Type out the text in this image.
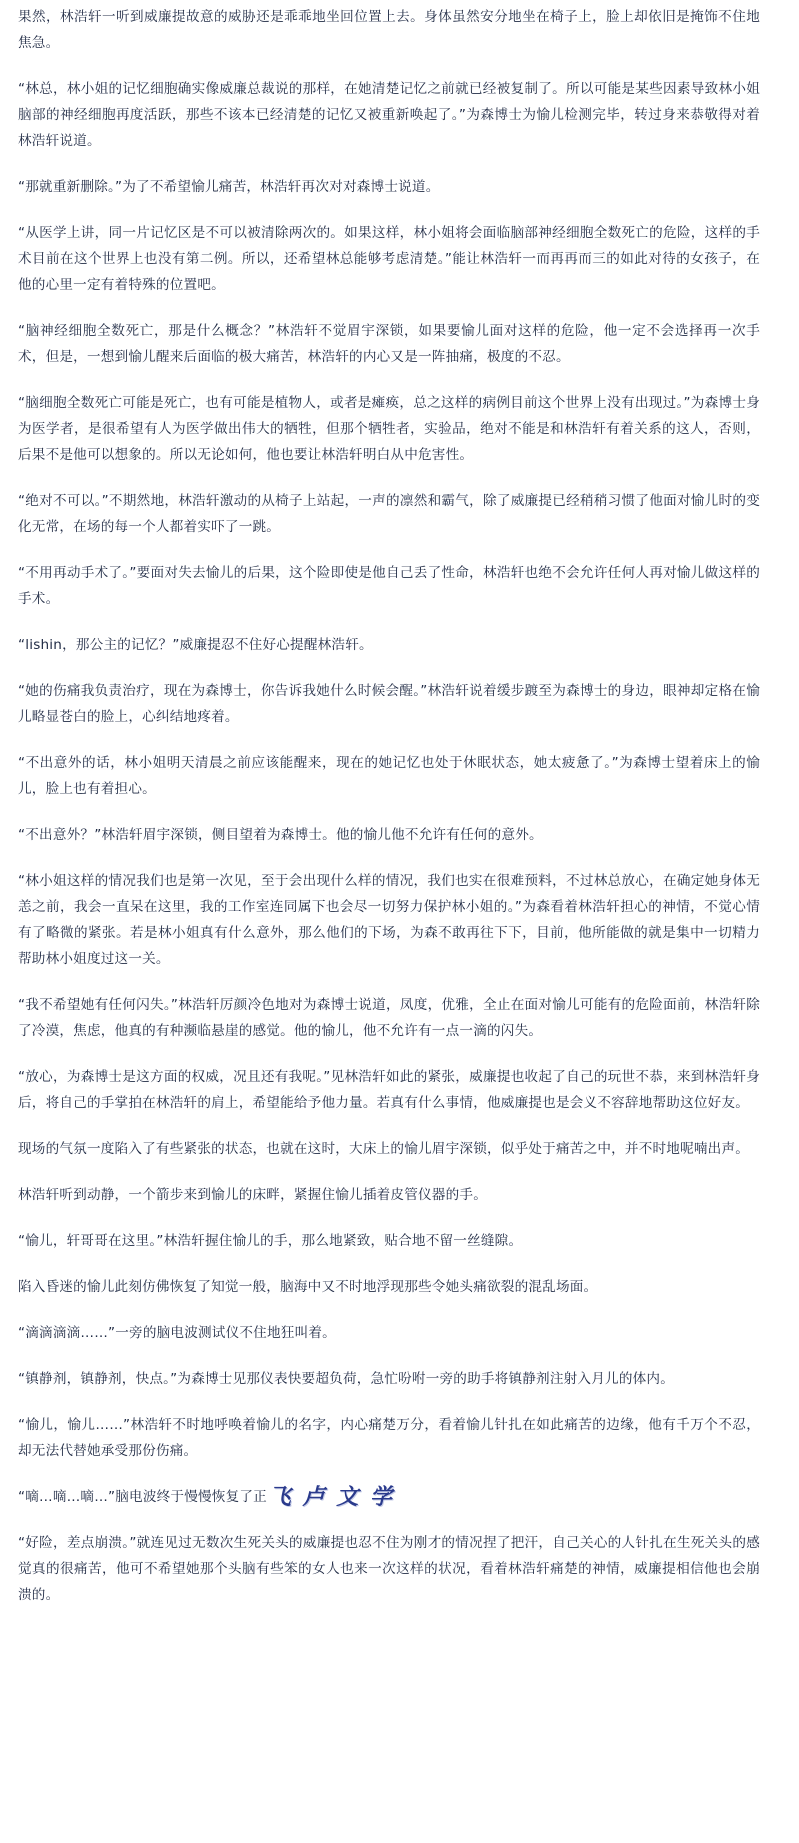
果然，林浩轩一听到威廉提故意的威胁还是乖乖地坐回位置上去。身体虽然安分地坐在椅子上，脸上却依旧是掩饰不住地焦急。

“林总，林小姐的记忆细胞确实像威廉总裁说的那样，在她清楚记忆之前就已经被复制了。所以可能是某些因素导致林小姐脑部的神经细胞再度活跃，那些不该本已经清楚的记忆又被重新唤起了。”为森博士为愉儿检测完毕，转过身来恭敬得对着林浩轩说道。

“那就重新删除。”为了不希望愉儿痛苦，林浩轩再次对对森博士说道。

“从医学上讲，同一片记忆区是不可以被清除两次的。如果这样，林小姐将会面临脑部神经细胞全数死亡的危险，这样的手术目前在这个世界上也没有第二例。所以，还希望林总能够考虑清楚。”能让林浩轩一而再再而三的如此对待的女孩子，在他的心里一定有着特殊的位置吧。

“脑神经细胞全数死亡，那是什么概念？”林浩轩不觉眉宇深锁，如果要愉儿面对这样的危险，他一定不会选择再一次手术，但是，一想到愉儿醒来后面临的极大痛苦，林浩轩的内心又是一阵抽痛，极度的不忍。

“脑细胞全数死亡可能是死亡，也有可能是植物人，或者是瘫痪，总之这样的病例目前这个世界上没有出现过。”为森博士身为医学者，是很希望有人为医学做出伟大的牺牲，但那个牺牲者，实验品，绝对不能是和林浩轩有着关系的这人，否则，后果不是他可以想象的。所以无论如何，他也要让林浩轩明白从中危害性。

“绝对不可以。”不期然地，林浩轩激动的从椅子上站起，一声的凛然和霸气，除了威廉提已经稍稍习惯了他面对愉儿时的变化无常，在场的每一个人都着实吓了一跳。

“不用再动手术了。”要面对失去愉儿的后果，这个险即使是他自己丢了性命，林浩轩也绝不会允许任何人再对愉儿做这样的手术。

“lishin，那公主的记忆？”威廉提忍不住好心提醒林浩轩。

“她的伤痛我负责治疗，现在为森博士，你告诉我她什么时候会醒。”林浩轩说着缓步踱至为森博士的身边，眼神却定格在愉儿略显苍白的脸上，心纠结地疼着。

“不出意外的话，林小姐明天清晨之前应该能醒来，现在的她记忆也处于休眠状态，她太疲惫了。”为森博士望着床上的愉儿，脸上也有着担心。

“不出意外？”林浩轩眉宇深锁，侧目望着为森博士。他的愉儿他不允许有任何的意外。

“林小姐这样的情况我们也是第一次见，至于会出现什么样的情况，我们也实在很难预料，不过林总放心，在确定她身体无恙之前，我会一直呆在这里，我的工作室连同属下也会尽一切努力保护林小姐的。”为森看着林浩轩担心的神情，不觉心情有了略微的紧张。若是林小姐真有什么意外，那么他们的下场，为森不敢再往下下，目前，他所能做的就是集中一切精力帮助林小姐度过这一关。

“我不希望她有任何闪失。”林浩轩厉颜冷色地对为森博士说道，凤度，优雅，全止在面对愉儿可能有的危险面前，林浩轩除了冷漠，焦虑，他真的有种濒临悬崖的感觉。他的愉儿，他不允许有一点一滴的闪失。

“放心，为森博士是这方面的权威，况且还有我呢。”见林浩轩如此的紧张，威廉提也收起了自己的玩世不恭，来到林浩轩身后，将自己的手掌拍在林浩轩的肩上，希望能给予他力量。若真有什么事情，他威廉提也是会义不容辞地帮助这位好友。

现场的气氛一度陷入了有些紧张的状态，也就在这时，大床上的愉儿眉宇深锁，似乎处于痛苦之中，并不时地呢喃出声。

林浩轩听到动静，一个箭步来到愉儿的床畔，紧握住愉儿插着皮管仪器的手。

“愉儿，轩哥哥在这里。”林浩轩握住愉儿的手，那么地紧致，贴合地不留一丝缝隙。

陷入昏迷的愉儿此刻仿佛恢复了知觉一般，脑海中又不时地浮现那些令她头痛欲裂的混乱场面。

“滴滴滴滴……”一旁的脑电波测试仪不住地狂叫着。

“镇静剂，镇静剂，快点。”为森博士见那仪表快要超负荷，急忙吩咐一旁的助手将镇静剂注射入月儿的体内。

“愉儿，愉儿……”林浩轩不时地呼唤着愉儿的名字，内心痛楚万分，看着愉儿针扎在如此痛苦的边缘，他有千万个不忍，却无法代替她承受那份伤痛。

“嘀…嘀…嘀…”脑电波终于慢慢恢复了正飞 卢 文 学

“好险，差点崩溃。”就连见过无数次生死关头的威廉提也忍不住为刚才的情况捏了把汗，自己关心的人针扎在生死关头的感觉真的很痛苦，他可不希望她那个头脑有些笨的女人也来一次这样的状况，看着林浩轩痛楚的神情，威廉提相信他也会崩溃的。
